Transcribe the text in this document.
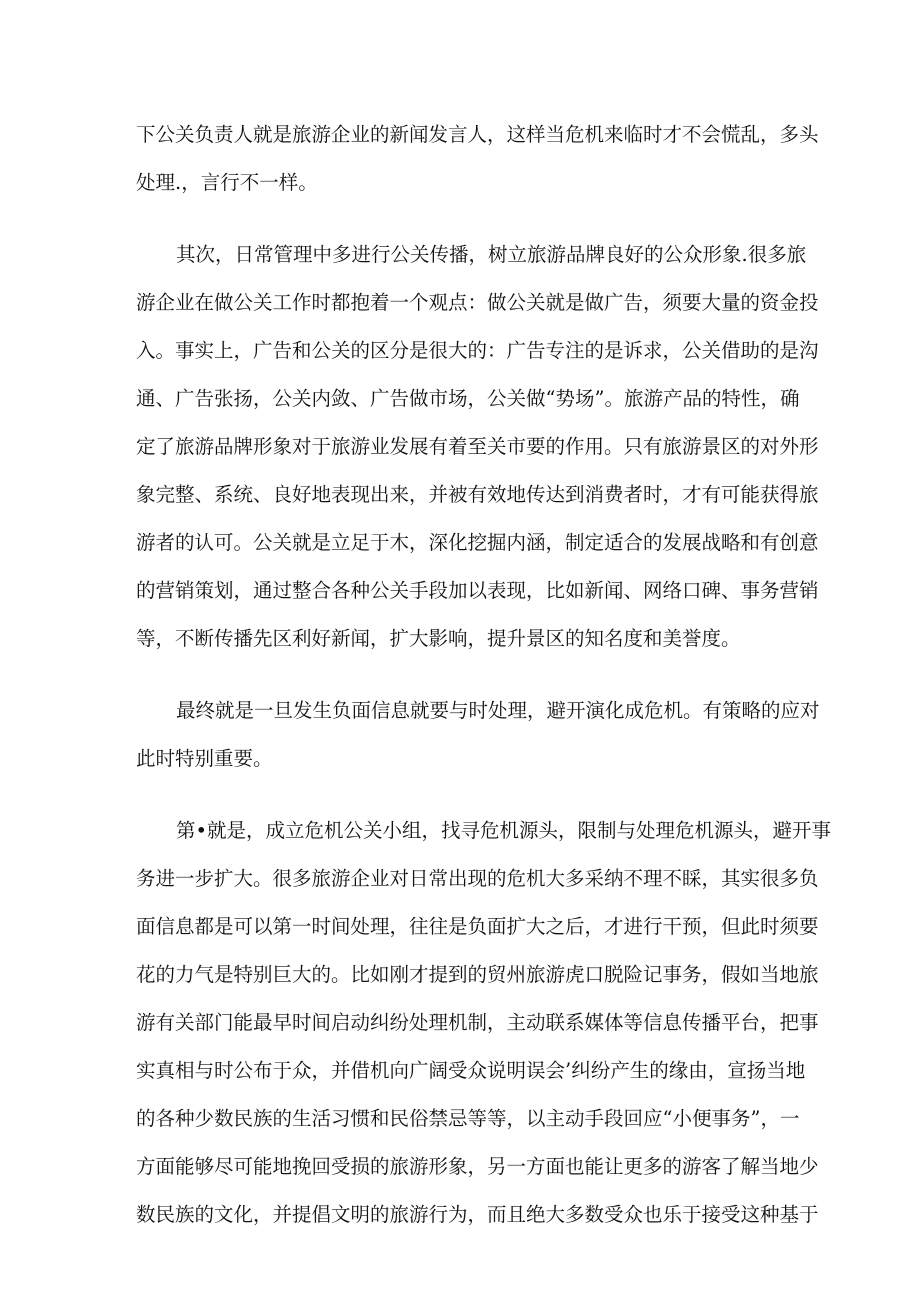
下公关负责人就是旅游企业的新闻发言人，这样当危机来临时才不会慌乱，多头
处理.，言行不一样。
其次，日常管理中多进行公关传播，树立旅游品牌良好的公众形象.很多旅
游企业在做公关工作时都抱着一个观点：做公关就是做广告，须要大量的资金投
入。事实上，广告和公关的区分是很大的：广告专注的是诉求，公关借助的是沟
通、广告张扬，公关内敛、广告做市场，公关做“势场”。旅游产品的特性，确
定了旅游品牌形象对于旅游业发展有着至关市要的作用。只有旅游景区的对外形
象完整、系统、良好地表现出来，并被有效地传达到消费者时，才有可能获得旅
游者的认可。公关就是立足于木，深化挖掘内涵，制定适合的发展战略和有创意
的营销策划，通过整合各种公关手段加以表现，比如新闻、网络口碑、事务营销
等，不断传播先区利好新闻，扩大影响，提升景区的知名度和美誉度。
最终就是一旦发生负面信息就要与时处理，避开演化成危机。有策略的应对
此时特别重要。
第•就是，成立危机公关小组，找寻危机源头，限制与处理危机源头，避开事
务进一步扩大。很多旅游企业对日常出现的危机大多采纳不理不睬，其实很多负
面信息都是可以第一时间处理，往往是负面扩大之后，才进行干预，但此时须要
花的力气是特别巨大的。比如刚才提到的贸州旅游虎口脱险记事务，假如当地旅
游有关部门能最早时间启动纠纷处理机制，主动联系媒体等信息传播平台，把事
实真相与时公布于众，并借机向广阔受众说明误会’纠纷产生的缘由，宣扬当地
的各种少数民族的生活习惯和民俗禁忌等等，以主动手段回应“小便事务”，一
方面能够尽可能地挽回受损的旅游形象，另一方面也能让更多的游客了解当地少
数民族的文化，并提倡文明的旅游行为，而且绝大多数受众也乐于接受这种基于
